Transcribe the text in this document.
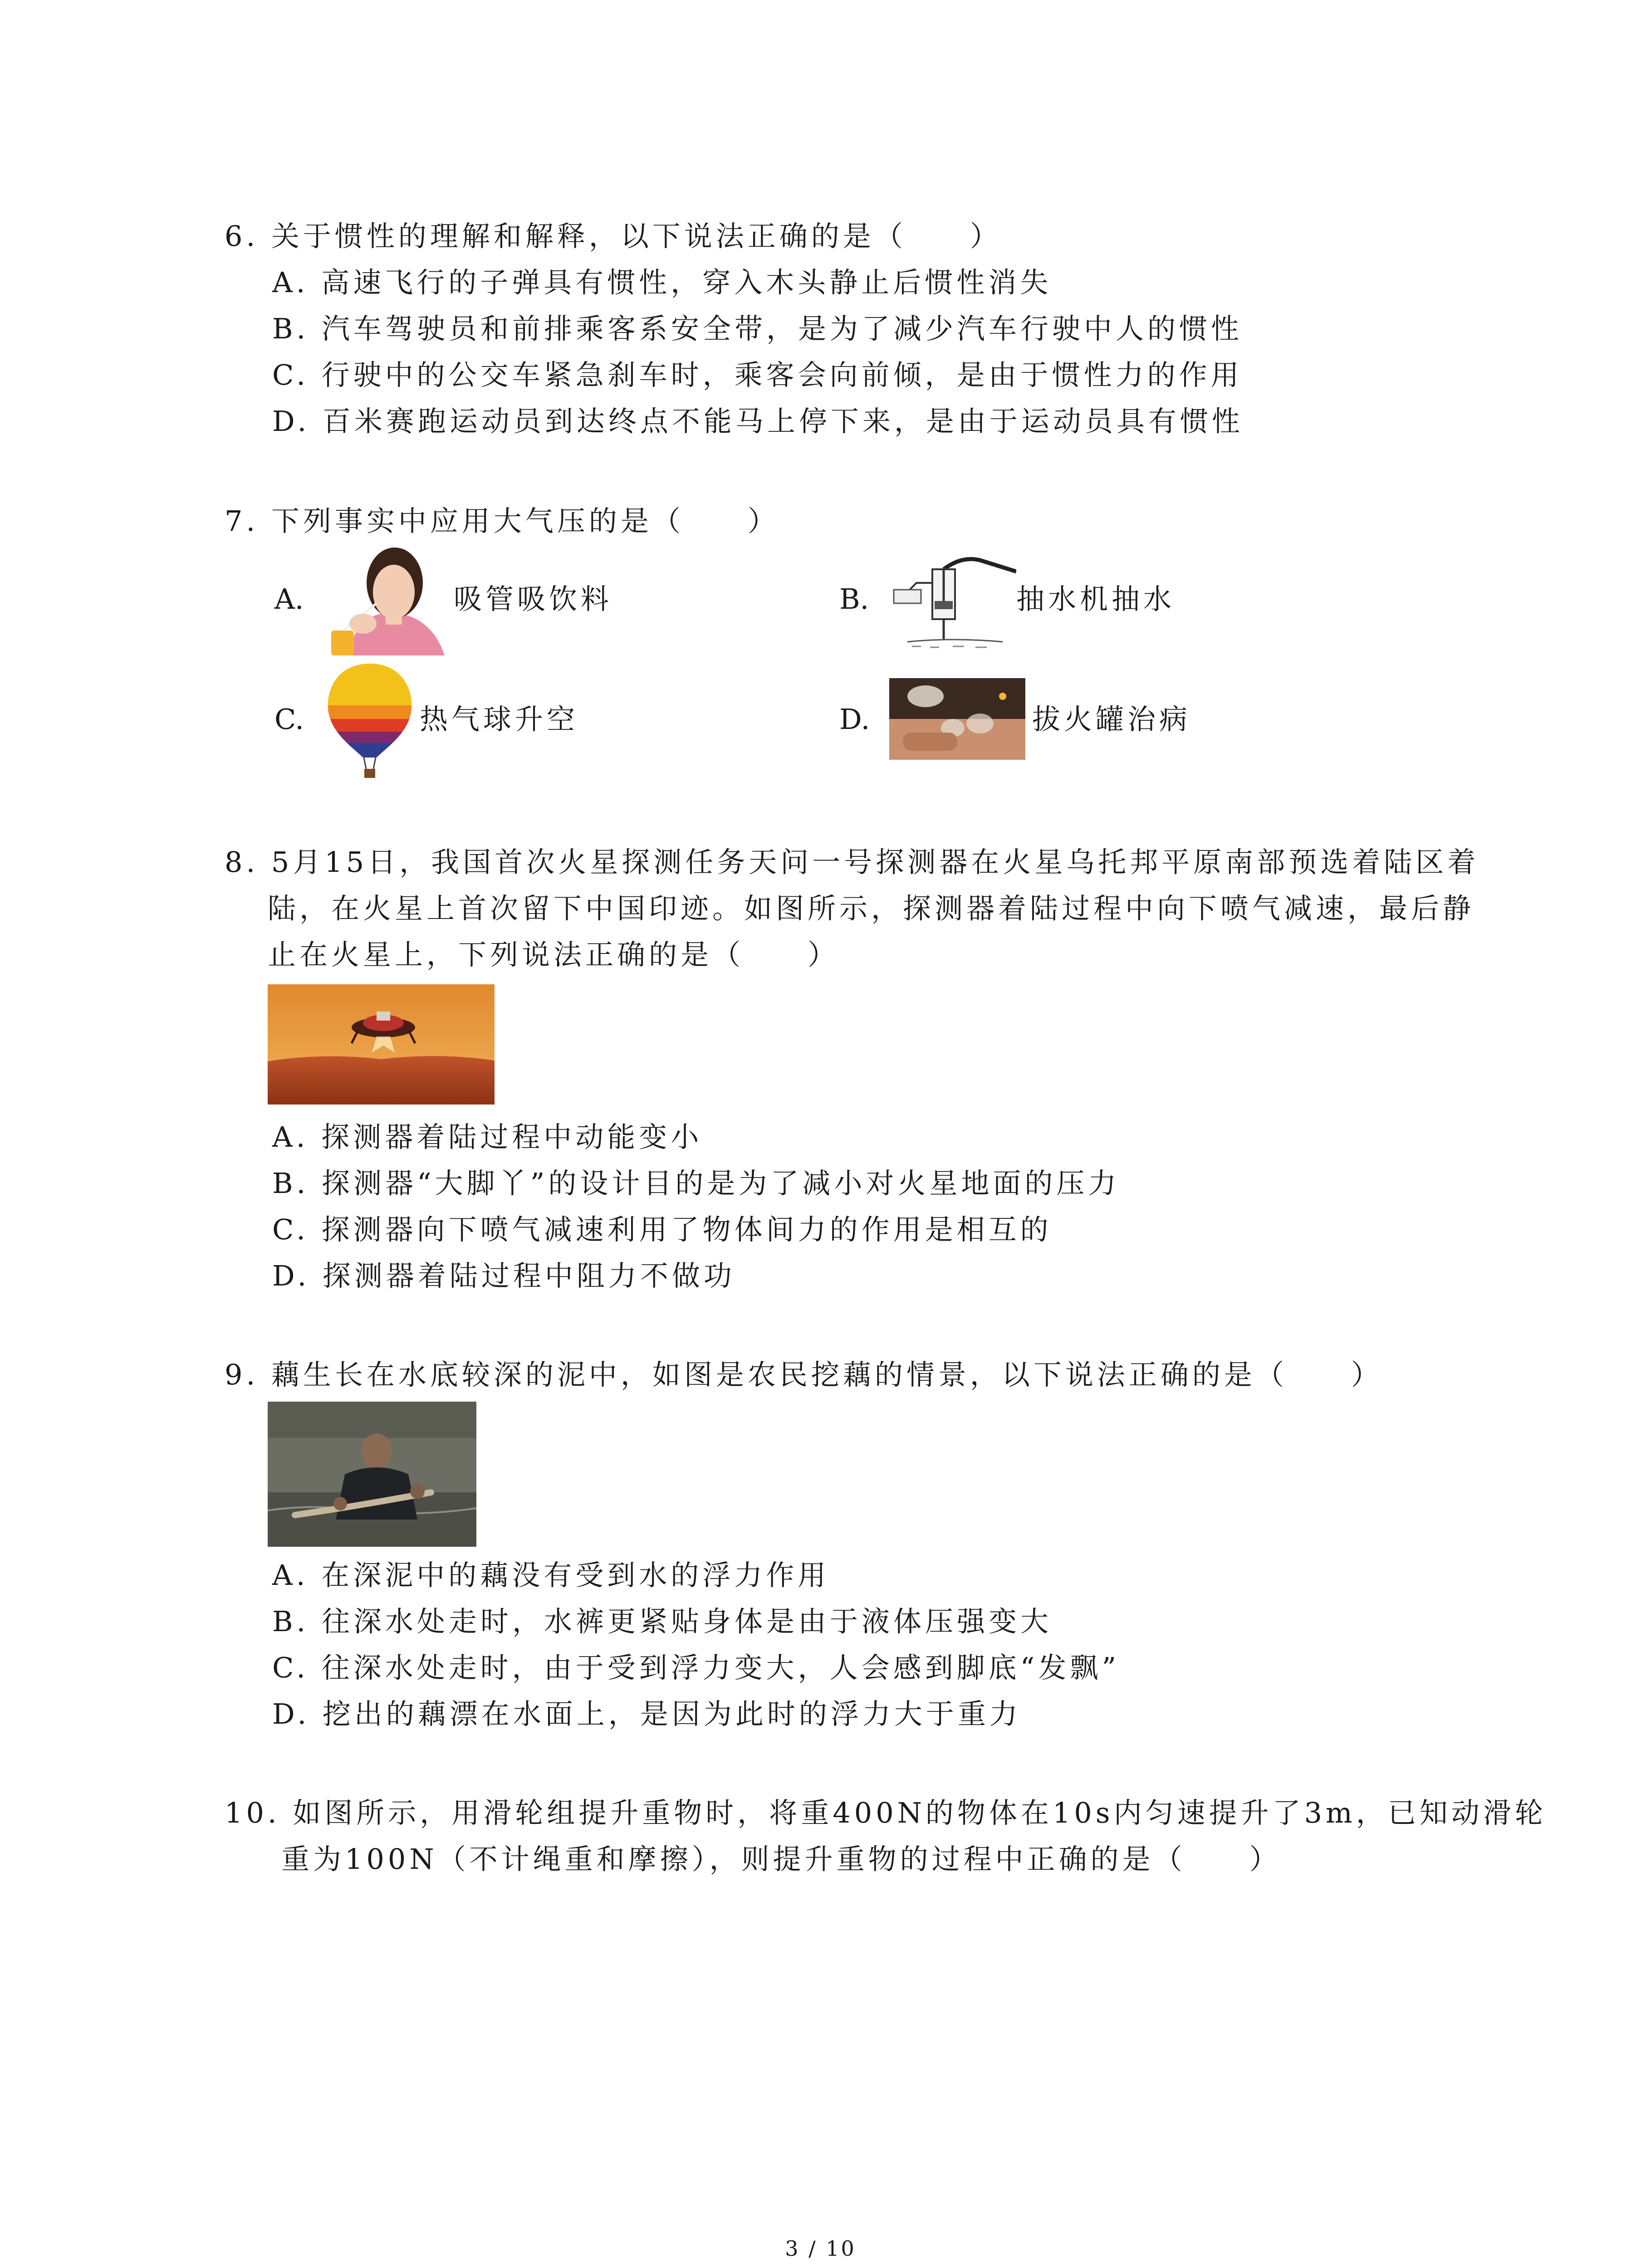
6. 关于惯性的理解和解释，以下说法正确的是（　　）
A. 高速飞行的子弹具有惯性，穿入木头静止后惯性消失
B. 汽车驾驶员和前排乘客系安全带，是为了减少汽车行驶中人的惯性
C. 行驶中的公交车紧急刹车时，乘客会向前倾，是由于惯性力的作用
D. 百米赛跑运动员到达终点不能马上停下来，是由于运动员具有惯性
7. 下列事实中应用大气压的是（　　）
A.	吸管吸饮料	B.	抽水机抽水
C.	热气球升空	D.	拔火罐治病
8. 5月15日，我国首次火星探测任务天问一号探测器在火星乌托邦平原南部预选着陆区着
陆，在火星上首次留下中国印迹。如图所示，探测器着陆过程中向下喷气减速，最后静
止在火星上，下列说法正确的是（　　）
A. 探测器着陆过程中动能变小
B. 探测器“大脚丫”的设计目的是为了减小对火星地面的压力
C. 探测器向下喷气减速利用了物体间力的作用是相互的
D. 探测器着陆过程中阻力不做功
9. 藕生长在水底较深的泥中，如图是农民挖藕的情景，以下说法正确的是（　　）
A. 在深泥中的藕没有受到水的浮力作用
B. 往深水处走时，水裤更紧贴身体是由于液体压强变大
C. 往深水处走时，由于受到浮力变大，人会感到脚底“发飘”
D. 挖出的藕漂在水面上，是因为此时的浮力大于重力
10. 如图所示，用滑轮组提升重物时，将重400N的物体在10s内匀速提升了3m，已知动滑轮
重为100N（不计绳重和摩擦），则提升重物的过程中正确的是（　　）
3 / 10
